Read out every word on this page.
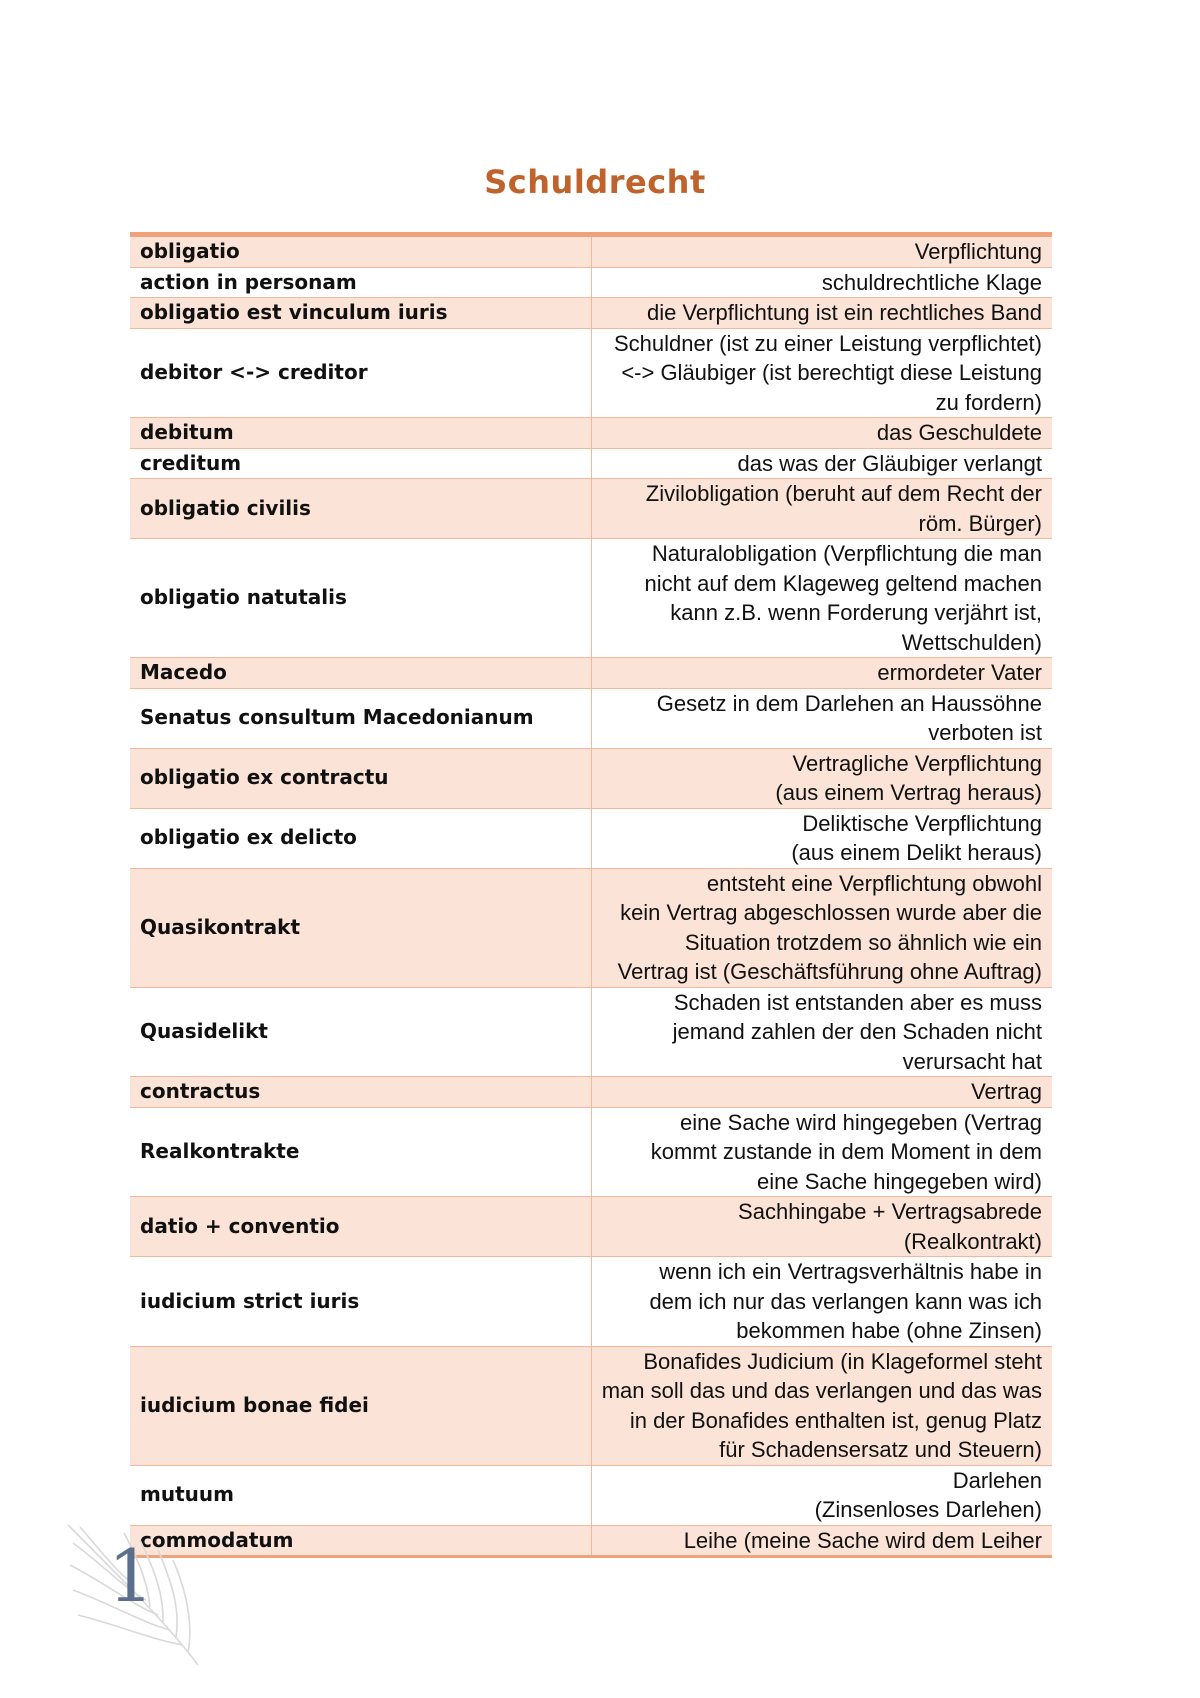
Schuldrecht
obligatio	Verpflichtung

action in personam	schuldrechtliche Klage

obligatio est vinculum iuris	die Verpflichtung ist ein rechtliches Band

debitor <-> creditor	Schuldner (ist zu einer Leistung verpflichtet)
<-> Gläubiger (ist berechtigt diese Leistung
zu fordern)

debitum	das Geschuldete

creditum	das was der Gläubiger verlangt

obligatio civilis	Zivilobligation (beruht auf dem Recht der
röm. Bürger)

obligatio natutalis	Naturalobligation (Verpflichtung die man
nicht auf dem Klageweg geltend machen
kann z.B. wenn Forderung verjährt ist,
Wettschulden)

Macedo	ermordeter Vater

Senatus consultum Macedonianum	Gesetz in dem Darlehen an Haussöhne
verboten ist

obligatio ex contractu	Vertragliche Verpflichtung
(aus einem Vertrag heraus)

obligatio ex delicto	Deliktische Verpflichtung
(aus einem Delikt heraus)

Quasikontrakt	entsteht eine Verpflichtung obwohl
kein Vertrag abgeschlossen wurde aber die
Situation trotzdem so ähnlich wie ein
Vertrag ist (Geschäftsführung ohne Auftrag)

Quasidelikt	Schaden ist entstanden aber es muss
jemand zahlen der den Schaden nicht
verursacht hat

contractus	Vertrag

Realkontrakte	eine Sache wird hingegeben (Vertrag
kommt zustande in dem Moment in dem
eine Sache hingegeben wird)

datio + conventio	Sachhingabe + Vertragsabrede
(Realkontrakt)

iudicium strict iuris	wenn ich ein Vertragsverhältnis habe in
dem ich nur das verlangen kann was ich
bekommen habe (ohne Zinsen)

iudicium bonae fidei	Bonafides Judicium (in Klageformel steht
man soll das und das verlangen und das was
in der Bonafides enthalten ist, genug Platz
für Schadensersatz und Steuern)

mutuum	Darlehen
(Zinsenloses Darlehen)

commodatum	Leihe (meine Sache wird dem Leiher
1
